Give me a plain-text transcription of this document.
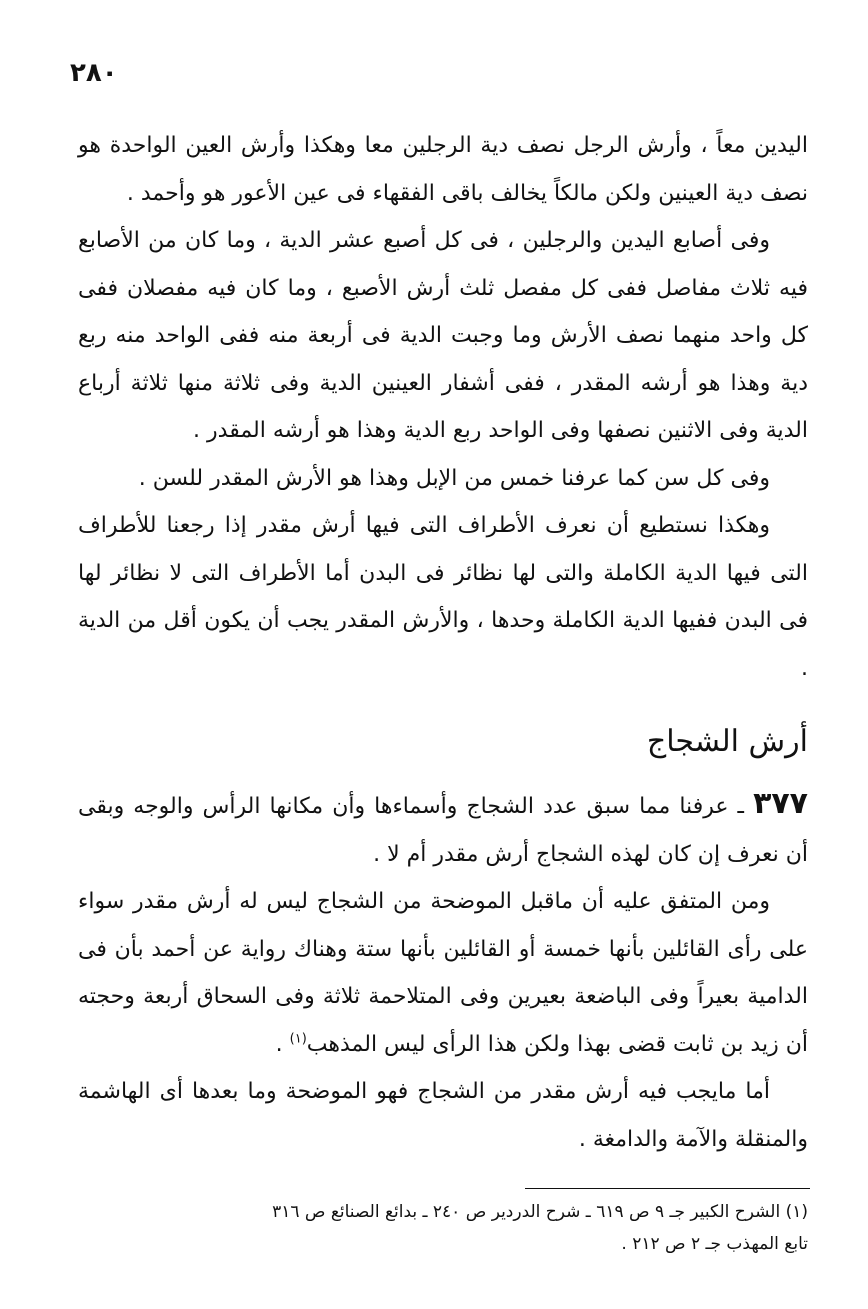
٢٨٠

اليدين معاً ، وأرش الرجل نصف دية الرجلين معا وهكذا وأرش العين الواحدة هو نصف دية العينين ولكن مالكاً يخالف باقى الفقهاء فى عين الأعور هو وأحمد .

وفى أصابع اليدين والرجلين ، فى كل أصبع عشر الدية ، وما كان من الأصابع فيه ثلاث مفاصل ففى كل مفصل ثلث أرش الأصبع ، وما كان فيه مفصلان ففى كل واحد منهما نصف الأرش وما وجبت الدية فى أربعة منه ففى الواحد منه ربع دية وهذا هو أرشه المقدر ، ففى أشفار العينين الدية وفى ثلاثة منها ثلاثة أرباع الدية وفى الاثنين نصفها وفى الواحد ربع الدية وهذا هو أرشه المقدر .

وفى كل سن كما عرفنا خمس من الإبل وهذا هو الأرش المقدر للسن .

وهكذا نستطيع أن نعرف الأطراف التى فيها أرش مقدر إذا رجعنا للأطراف التى فيها الدية الكاملة والتى لها نظائر فى البدن أما الأطراف التى لا نظائر لها فى البدن ففيها الدية الكاملة وحدها ، والأرش المقدر يجب أن يكون أقل من الدية .

أرش الشجاج

٣٧٧ ـ عرفنا مما سبق عدد الشجاج وأسماءها وأن مكانها الرأس والوجه وبقى أن نعرف إن كان لهذه الشجاج أرش مقدر أم لا .

ومن المتفق عليه أن ماقبل الموضحة من الشجاج ليس له أرش مقدر سواء على رأى القائلين بأنها خمسة أو القائلين بأنها ستة وهناك رواية عن أحمد بأن فى الدامية بعيراً وفى الباضعة بعيرين وفى المتلاحمة ثلاثة وفى السحاق أربعة وحجته أن زيد بن ثابت قضى بهذا ولكن هذا الرأى ليس المذهب$^{(١)}$ .

أما مايجب فيه أرش مقدر من الشجاج فهو الموضحة وما بعدها أى الهاشمة والمنقلة والآمة والدامغة .

(١) الشرح الكبير جـ ٩ ص ٦١٩ ـ شرح الدردير ص ٢٤٠ ـ بدائع الصنائع ص ٣١٦

تابع المهذب جـ ٢ ص ٢١٢ .
